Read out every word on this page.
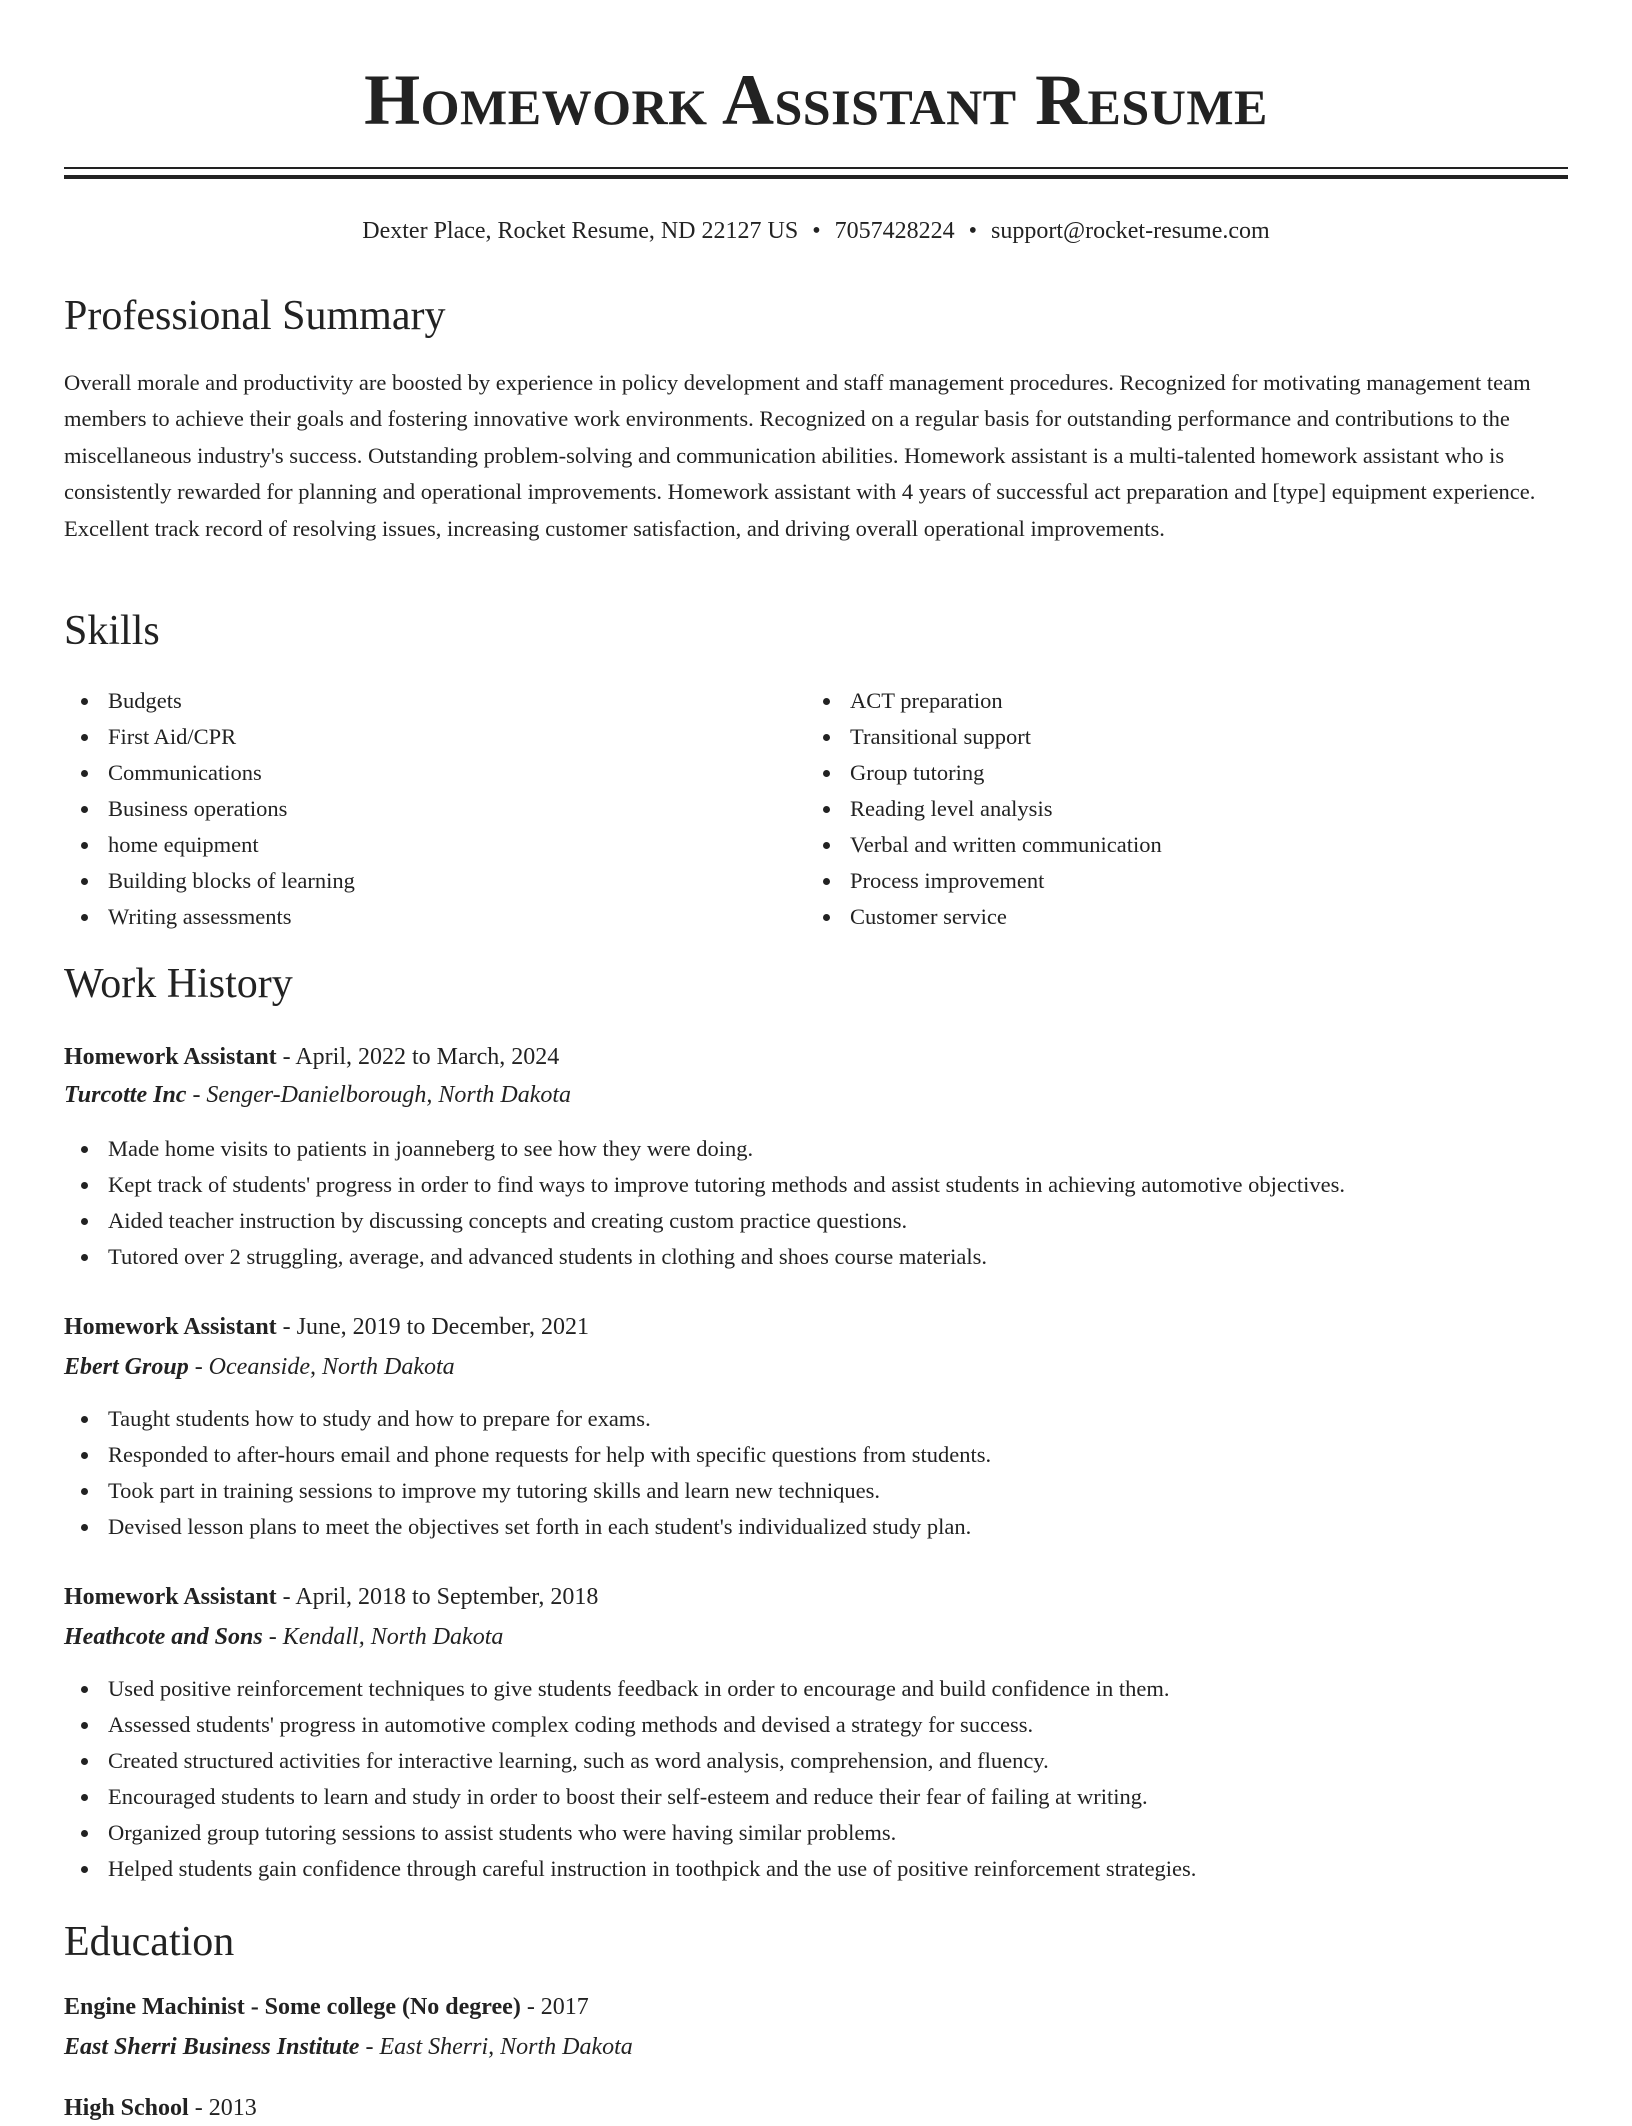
Homework Assistant Resume
Dexter Place, Rocket Resume, ND 22127 US • 7057428224 • support@rocket-resume.com
Professional Summary

Overall morale and productivity are boosted by experience in policy development and staff management procedures. Recognized for motivating management team members to achieve their goals and fostering innovative work environments. Recognized on a regular basis for outstanding performance and contributions to the miscellaneous industry's success. Outstanding problem-solving and communication abilities. Homework assistant is a multi-talented homework assistant who is consistently rewarded for planning and operational improvements. Homework assistant with 4 years of successful act preparation and [type] equipment experience. Excellent track record of resolving issues, increasing customer satisfaction, and driving overall operational improvements.

Skills
Budgets
First Aid/CPR
Communications
Business operations
home equipment
Building blocks of learning
Writing assessments
ACT preparation
Transitional support
Group tutoring
Reading level analysis
Verbal and written communication
Process improvement
Customer service
Work History
Homework Assistant - April, 2022 to March, 2024
Turcotte Inc - Senger-Danielborough, North Dakota
Made home visits to patients in joanneberg to see how they were doing.
Kept track of students' progress in order to find ways to improve tutoring methods and assist students in achieving automotive objectives.
Aided teacher instruction by discussing concepts and creating custom practice questions.
Tutored over 2 struggling, average, and advanced students in clothing and shoes course materials.
Homework Assistant - June, 2019 to December, 2021
Ebert Group - Oceanside, North Dakota
Taught students how to study and how to prepare for exams.
Responded to after-hours email and phone requests for help with specific questions from students.
Took part in training sessions to improve my tutoring skills and learn new techniques.
Devised lesson plans to meet the objectives set forth in each student's individualized study plan.
Homework Assistant - April, 2018 to September, 2018
Heathcote and Sons - Kendall, North Dakota
Used positive reinforcement techniques to give students feedback in order to encourage and build confidence in them.
Assessed students' progress in automotive complex coding methods and devised a strategy for success.
Created structured activities for interactive learning, such as word analysis, comprehension, and fluency.
Encouraged students to learn and study in order to boost their self-esteem and reduce their fear of failing at writing.
Organized group tutoring sessions to assist students who were having similar problems.
Helped students gain confidence through careful instruction in toothpick and the use of positive reinforcement strategies.
Education
Engine Machinist - Some college (No degree) - 2017
East Sherri Business Institute - East Sherri, North Dakota
High School - 2013
